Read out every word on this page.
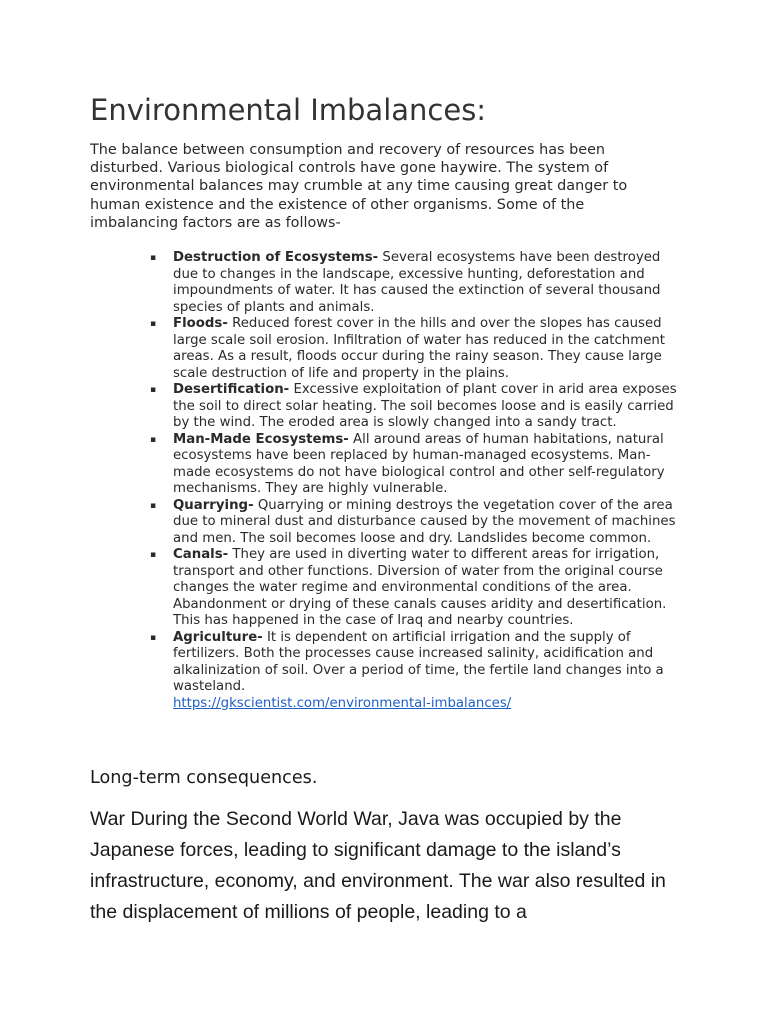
Environmental Imbalances:

The balance between consumption and recovery of resources has been disturbed. Various biological controls have gone haywire. The system of environmental balances may crumble at any time causing great danger to human existence and the existence of other organisms. Some of the imbalancing factors are as follows-

▪ Destruction of Ecosystems- Several ecosystems have been destroyed due to changes in the landscape, excessive hunting, deforestation and impoundments of water. It has caused the extinction of several thousand species of plants and animals.
▪ Floods- Reduced forest cover in the hills and over the slopes has caused large scale soil erosion. Infiltration of water has reduced in the catchment areas. As a result, floods occur during the rainy season. They cause large scale destruction of life and property in the plains.
▪ Desertification- Excessive exploitation of plant cover in arid area exposes the soil to direct solar heating. The soil becomes loose and is easily carried by the wind. The eroded area is slowly changed into a sandy tract.
▪ Man-Made Ecosystems- All around areas of human habitations, natural ecosystems have been replaced by human-managed ecosystems. Man-made ecosystems do not have biological control and other self-regulatory mechanisms. They are highly vulnerable.
▪ Quarrying- Quarrying or mining destroys the vegetation cover of the area due to mineral dust and disturbance caused by the movement of machines and men. The soil becomes loose and dry. Landslides become common.
▪ Canals- They are used in diverting water to different areas for irrigation, transport and other functions. Diversion of water from the original course changes the water regime and environmental conditions of the area. Abandonment or drying of these canals causes aridity and desertification. This has happened in the case of Iraq and nearby countries.
▪ Agriculture- It is dependent on artificial irrigation and the supply of fertilizers. Both the processes cause increased salinity, acidification and alkalinization of soil. Over a period of time, the fertile land changes into a wasteland.
https://gkscientist.com/environmental-imbalances/
Long-term consequences.

War During the Second World War, Java was occupied by the Japanese forces, leading to significant damage to the island’s infrastructure, economy, and environment. The war also resulted in the displacement of millions of people, leading to a
